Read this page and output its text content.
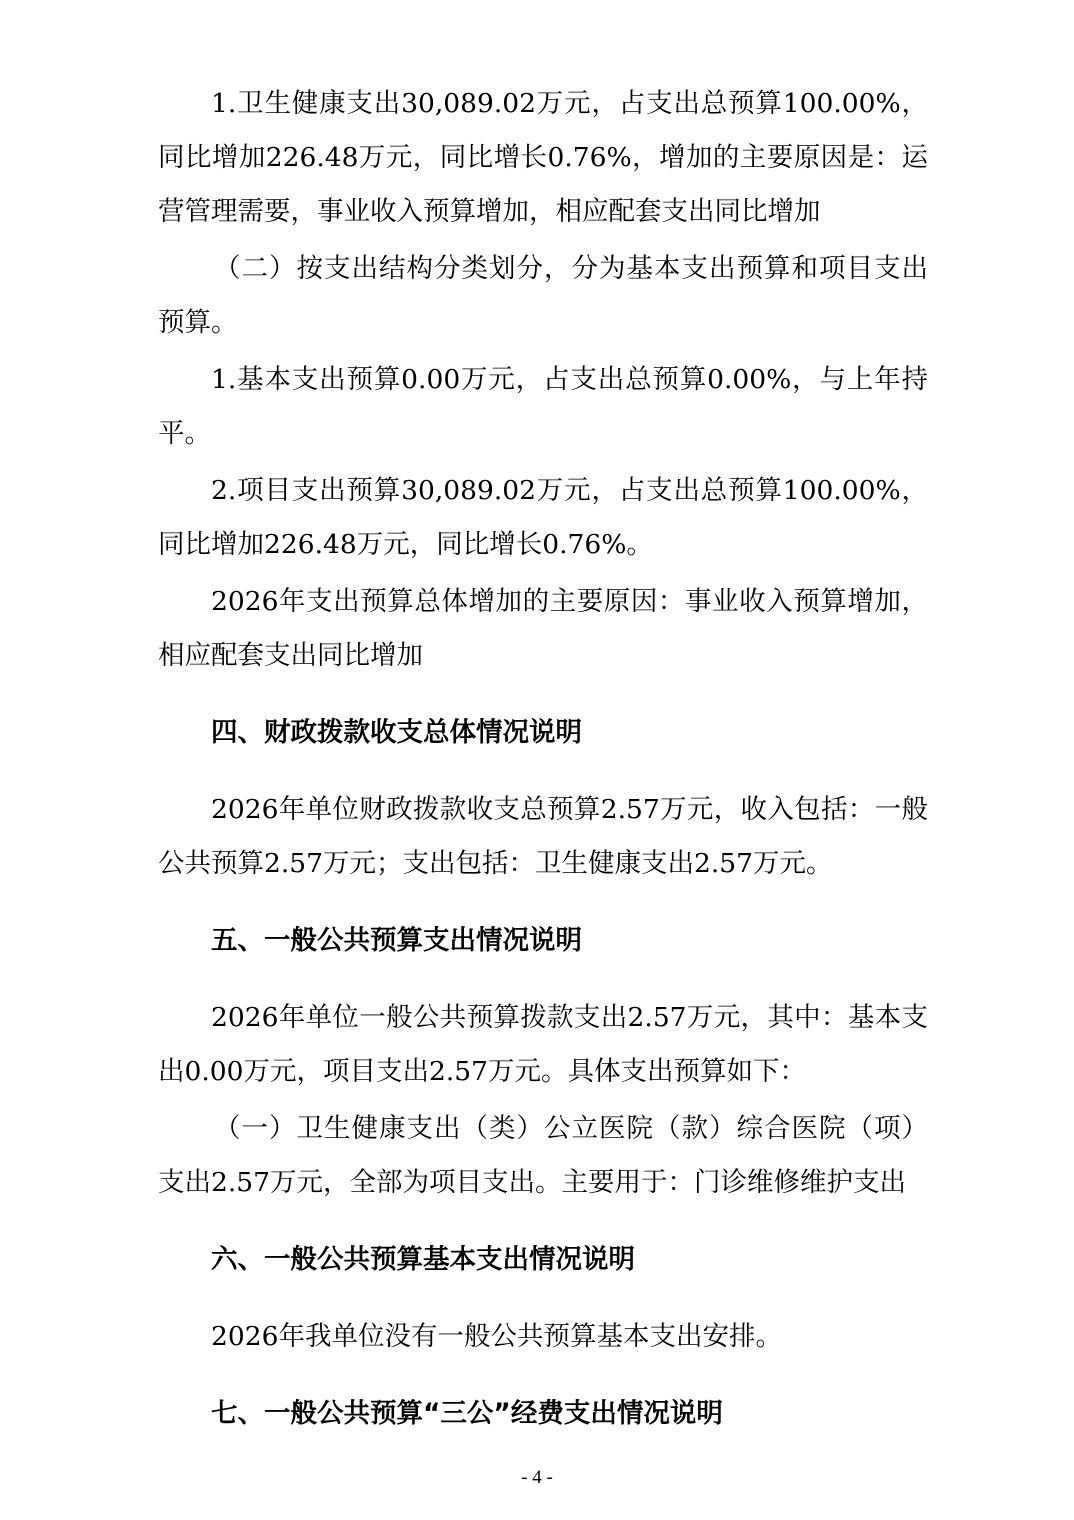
1.卫生健康支出30,089.02万元，占支出总预算100.00%，同比增加226.48万元，同比增长0.76%，增加的主要原因是：运营管理需要，事业收入预算增加，相应配套支出同比增加

（二）按支出结构分类划分，分为基本支出预算和项目支出预算。

1.基本支出预算0.00万元，占支出总预算0.00%，与上年持平。

2.项目支出预算30,089.02万元，占支出总预算100.00%，同比增加226.48万元，同比增长0.76%。

2026年支出预算总体增加的主要原因：事业收入预算增加，相应配套支出同比增加

四、财政拨款收支总体情况说明

2026年单位财政拨款收支总预算2.57万元，收入包括：一般公共预算2.57万元；支出包括：卫生健康支出2.57万元。

五、一般公共预算支出情况说明

2026年单位一般公共预算拨款支出2.57万元，其中：基本支出0.00万元，项目支出2.57万元。具体支出预算如下：

（一）卫生健康支出（类）公立医院（款）综合医院（项）支出2.57万元，全部为项目支出。主要用于：门诊维修维护支出

六、一般公共预算基本支出情况说明

2026年我单位没有一般公共预算基本支出安排。

七、一般公共预算“三公”经费支出情况说明
- 4 -
